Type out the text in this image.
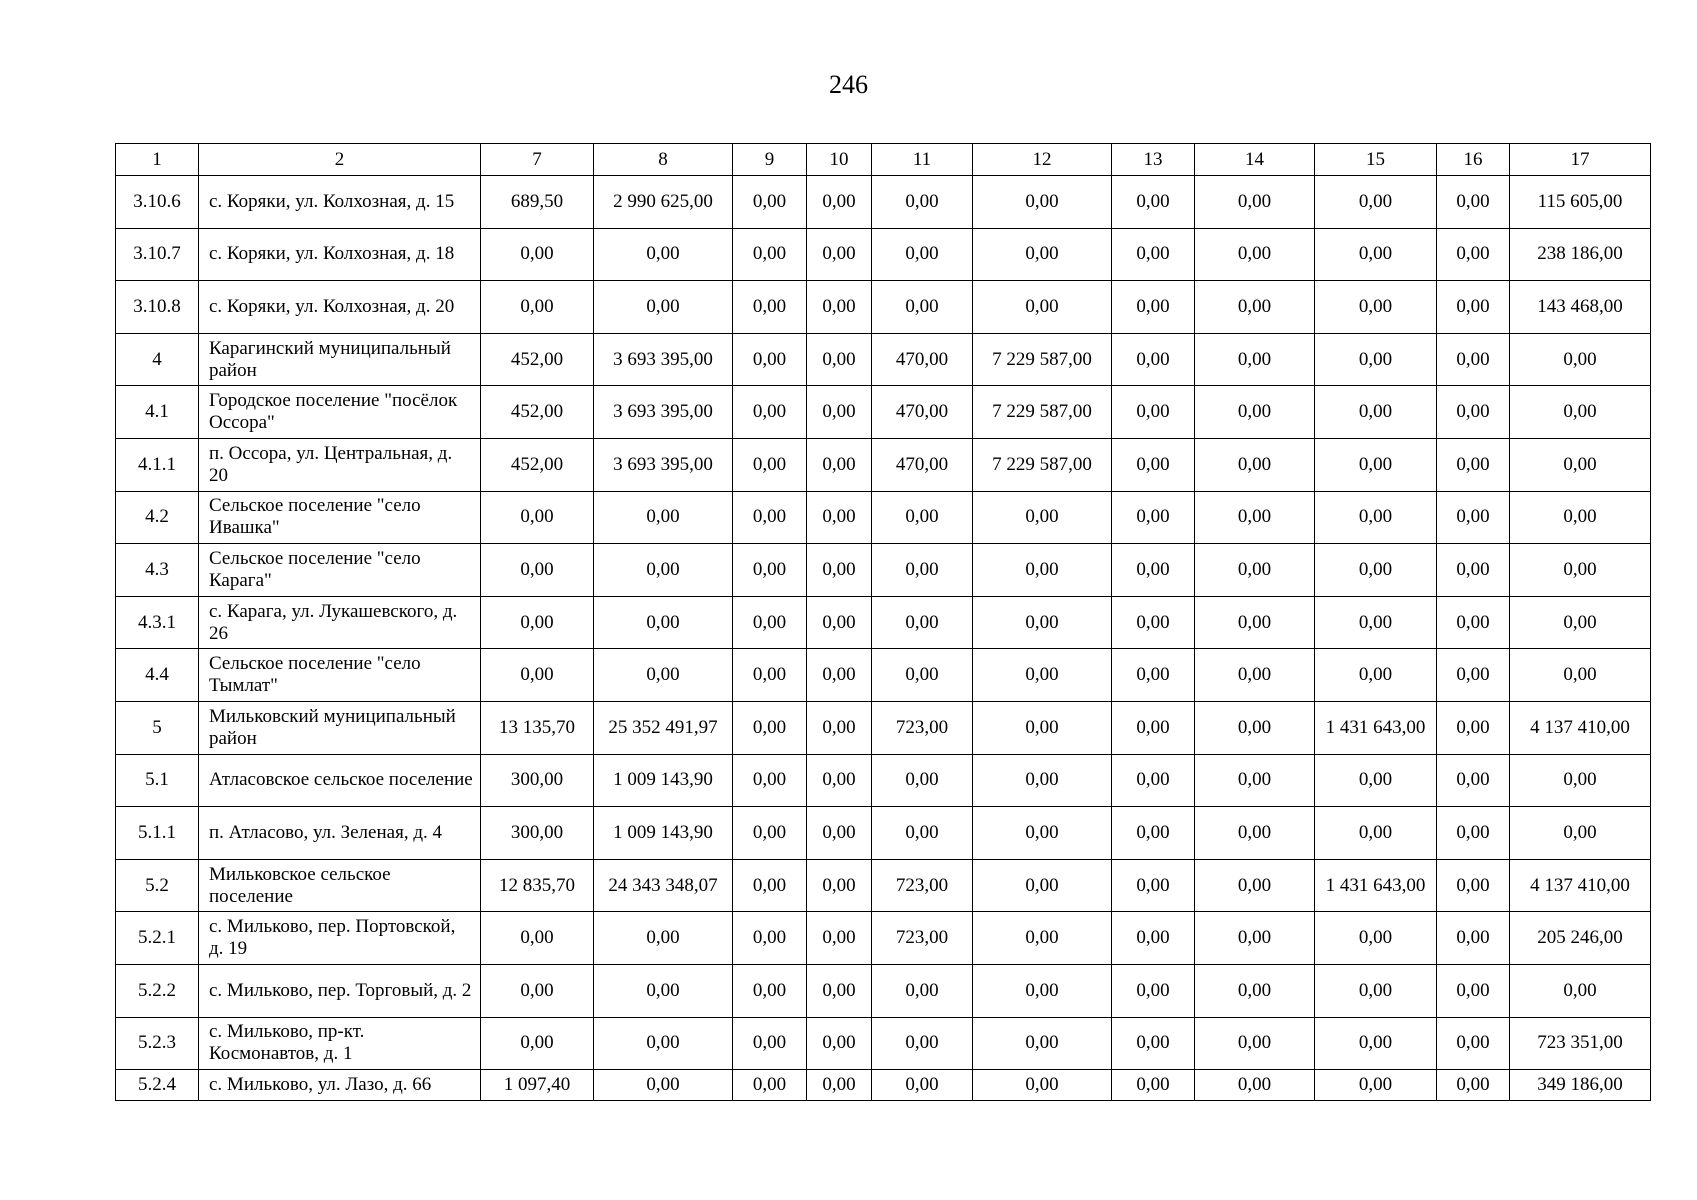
246
1	2	7	8	9	10	11	12	13	14	15	16	17
3.10.6	с. Коряки, ул. Колхозная, д. 15	689,50	2 990 625,00	0,00	0,00	0,00	0,00	0,00	0,00	0,00	0,00	115 605,00
3.10.7	с. Коряки, ул. Колхозная, д. 18	0,00	0,00	0,00	0,00	0,00	0,00	0,00	0,00	0,00	0,00	238 186,00
3.10.8	с. Коряки, ул. Колхозная, д. 20	0,00	0,00	0,00	0,00	0,00	0,00	0,00	0,00	0,00	0,00	143 468,00
4	Карагинский муниципальный район	452,00	3 693 395,00	0,00	0,00	470,00	7 229 587,00	0,00	0,00	0,00	0,00	0,00
4.1	Городское поселение "посёлок Оссора"	452,00	3 693 395,00	0,00	0,00	470,00	7 229 587,00	0,00	0,00	0,00	0,00	0,00
4.1.1	п. Оссора, ул. Центральная, д. 20	452,00	3 693 395,00	0,00	0,00	470,00	7 229 587,00	0,00	0,00	0,00	0,00	0,00
4.2	Сельское поселение "село Ивашка"	0,00	0,00	0,00	0,00	0,00	0,00	0,00	0,00	0,00	0,00	0,00
4.3	Сельское поселение "село Карага"	0,00	0,00	0,00	0,00	0,00	0,00	0,00	0,00	0,00	0,00	0,00
4.3.1	с. Карага, ул. Лукашевского, д. 26	0,00	0,00	0,00	0,00	0,00	0,00	0,00	0,00	0,00	0,00	0,00
4.4	Сельское поселение "село Тымлат"	0,00	0,00	0,00	0,00	0,00	0,00	0,00	0,00	0,00	0,00	0,00
5	Мильковский муниципальный район	13 135,70	25 352 491,97	0,00	0,00	723,00	0,00	0,00	0,00	1 431 643,00	0,00	4 137 410,00
5.1	Атласовское сельское поселение	300,00	1 009 143,90	0,00	0,00	0,00	0,00	0,00	0,00	0,00	0,00	0,00
5.1.1	п. Атласово, ул. Зеленая, д. 4	300,00	1 009 143,90	0,00	0,00	0,00	0,00	0,00	0,00	0,00	0,00	0,00
5.2	Мильковское сельское поселение	12 835,70	24 343 348,07	0,00	0,00	723,00	0,00	0,00	0,00	1 431 643,00	0,00	4 137 410,00
5.2.1	с. Мильково, пер. Портовской, д. 19	0,00	0,00	0,00	0,00	723,00	0,00	0,00	0,00	0,00	0,00	205 246,00
5.2.2	с. Мильково, пер. Торговый, д. 2	0,00	0,00	0,00	0,00	0,00	0,00	0,00	0,00	0,00	0,00	0,00
5.2.3	с. Мильково, пр-кт. Космонавтов, д. 1	0,00	0,00	0,00	0,00	0,00	0,00	0,00	0,00	0,00	0,00	723 351,00
5.2.4	с. Мильково, ул. Лазо, д. 66	1 097,40	0,00	0,00	0,00	0,00	0,00	0,00	0,00	0,00	0,00	349 186,00
